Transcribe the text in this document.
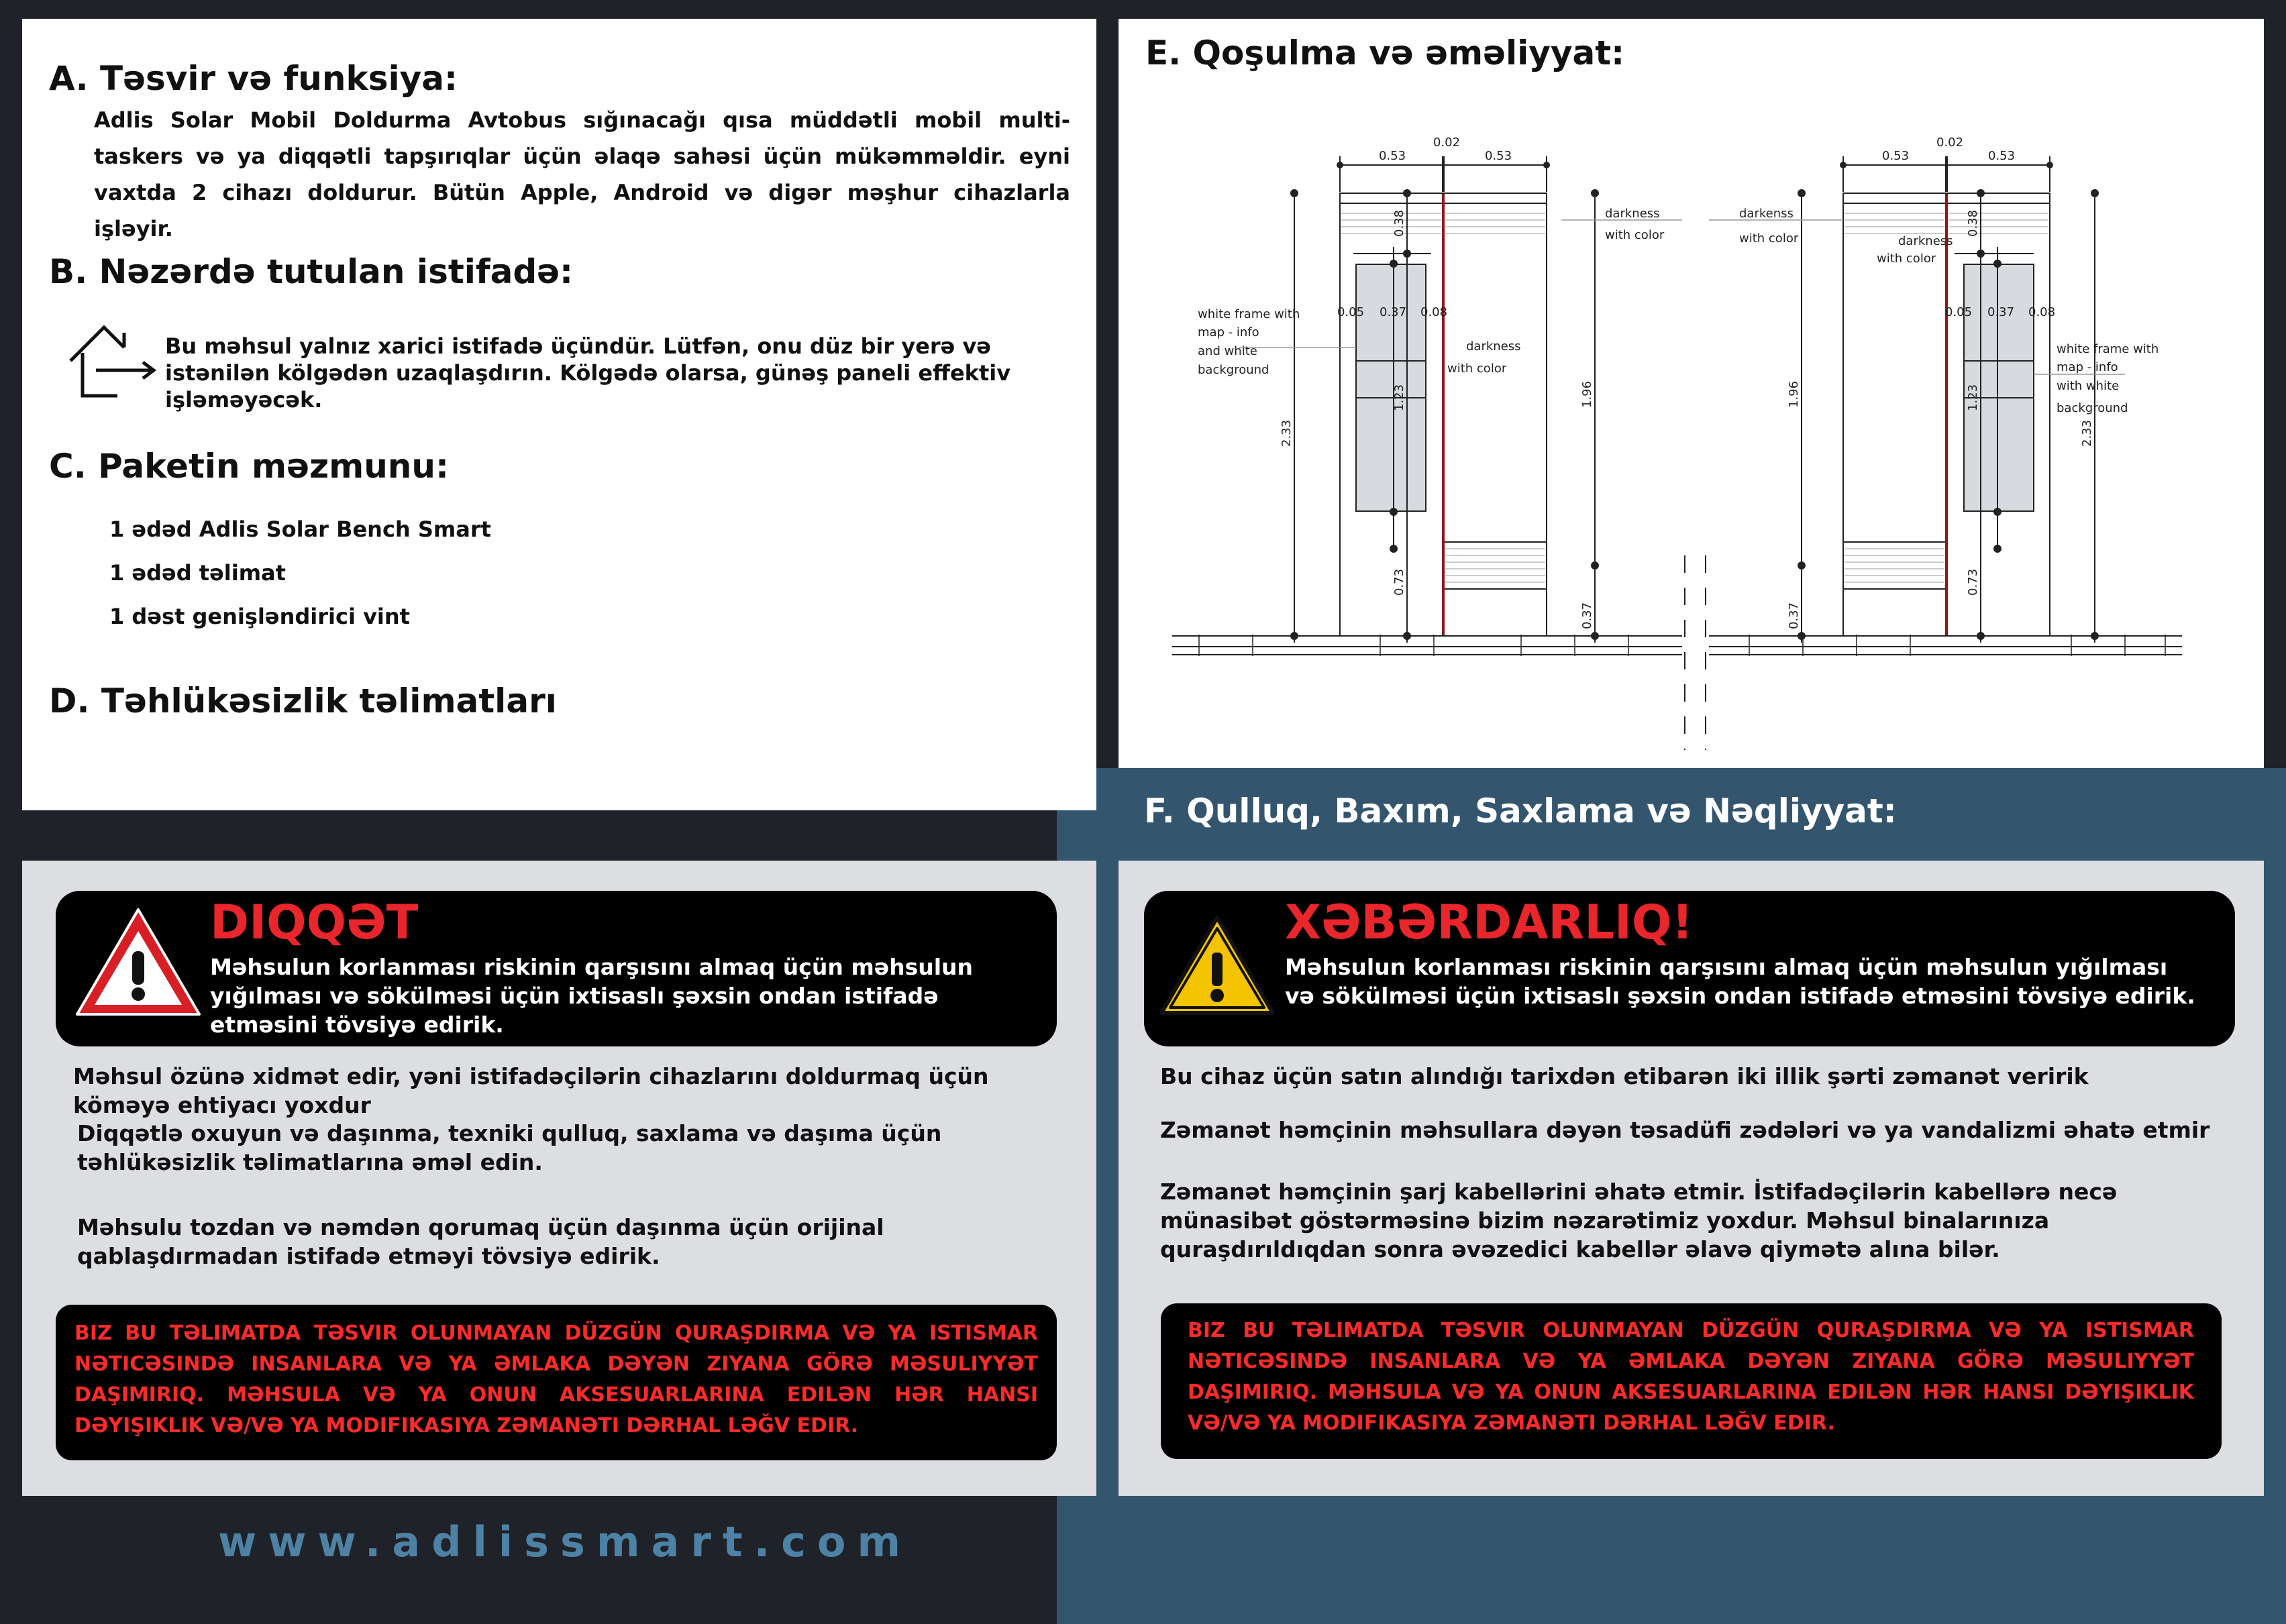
A. Təsvir və funksiya:
Adlis Solar Mobil Doldurma Avtobus sığınacağı qısa müddətli mobil multi-taskers və ya diqqətli tapşırıqlar üçün əlaqə sahəsi üçün mükəmməldir. eyni vaxtda 2 cihazı doldurur. Bütün Apple, Android və digər məşhur cihazlarla işləyir.
B. Nəzərdə tutulan istifadə:
Bu məhsul yalnız xarici istifadə üçündür. Lütfən, onu düz bir yerə və istənilən kölgədən uzaqlaşdırın. Kölgədə olarsa, günəş paneli effektiv işləməyəcək.
C. Paketin məzmunu:
1 ədəd Adlis Solar Bench Smart
1 ədəd təlimat
1 dəst genişləndirici vint
D. Təhlükəsizlik təlimatları
E. Qoşulma və əməliyyat:
0.53
0.02
0.53
0.05 0.37 0.08
0.38
1.23
2.33
0.73
1.96
0.37
darkness
with color
white frame with
map - info
and white
background
darkness
with color
0.53
0.02
0.53
0.05 0.37 0.08
0.38
1.23
1.96
0.37
0.73
2.33
darkenss
with color	darkness
with color
white frame with
map - info
with white
background
F. Qulluq, Baxım, Saxlama və Nəqliyyat:
DIQQƏT
Məhsulun korlanması riskinin qarşısını almaq üçün məhsulun yığılması və sökülməsi üçün ixtisaslı şəxsin ondan istifadə etməsini tövsiyə edirik.
Məhsul özünə xidmət edir, yəni istifadəçilərin cihazlarını doldurmaq üçün köməyə ehtiyacı yoxdur
Diqqətlə oxuyun və daşınma, texniki qulluq, saxlama və daşıma üçün təhlükəsizlik təlimatlarına əməl edin.
Məhsulu tozdan və nəmdən qorumaq üçün daşınma üçün orijinal qablaşdırmadan istifadə etməyi tövsiyə edirik.
BIZ BU TƏLIMATDA TƏSVIR OLUNMAYAN DÜZGÜN QURAŞDIRMA VƏ YA ISTISMAR NƏTICƏSINDƏ INSANLARA VƏ YA ƏMLAKA DƏYƏN ZIYANA GÖRƏ MƏSULIYYƏT DAŞIMIRIQ. MƏHSULA VƏ YA ONUN AKSESUARLARINA EDILƏN HƏR HANSI DƏYIŞIKLIK VƏ/VƏ YA MODIFIKASIYA ZƏMANƏTI DƏRHAL LƏĞV EDIR.
XƏBƏRDARLIQ!
Məhsulun korlanması riskinin qarşısını almaq üçün məhsulun yığılması və sökülməsi üçün ixtisaslı şəxsin ondan istifadə etməsini tövsiyə edirik.
Bu cihaz üçün satın alındığı tarixdən etibarən iki illik şərti zəmanət veririk
Zəmanət həmçinin məhsullara dəyən təsadüfi zədələri və ya vandalizmi əhatə etmir
Zəmanət həmçinin şarj kabellərini əhatə etmir. İstifadəçilərin kabellərə necə münasibət göstərməsinə bizim nəzarətimiz yoxdur. Məhsul binalarınıza quraşdırıldıqdan sonra əvəzedici kabellər əlavə qiymətə alına bilər.
BIZ BU TƏLIMATDA TƏSVIR OLUNMAYAN DÜZGÜN QURAŞDIRMA VƏ YA ISTISMAR NƏTICƏSINDƏ INSANLARA VƏ YA ƏMLAKA DƏYƏN ZIYANA GÖRƏ MƏSULIYYƏT DAŞIMIRIQ. MƏHSULA VƏ YA ONUN AKSESUARLARINA EDILƏN HƏR HANSI DƏYIŞIKLIK VƏ/VƏ YA MODIFIKASIYA ZƏMANƏTI DƏRHAL LƏĞV EDIR.
www.adlissmart.com
